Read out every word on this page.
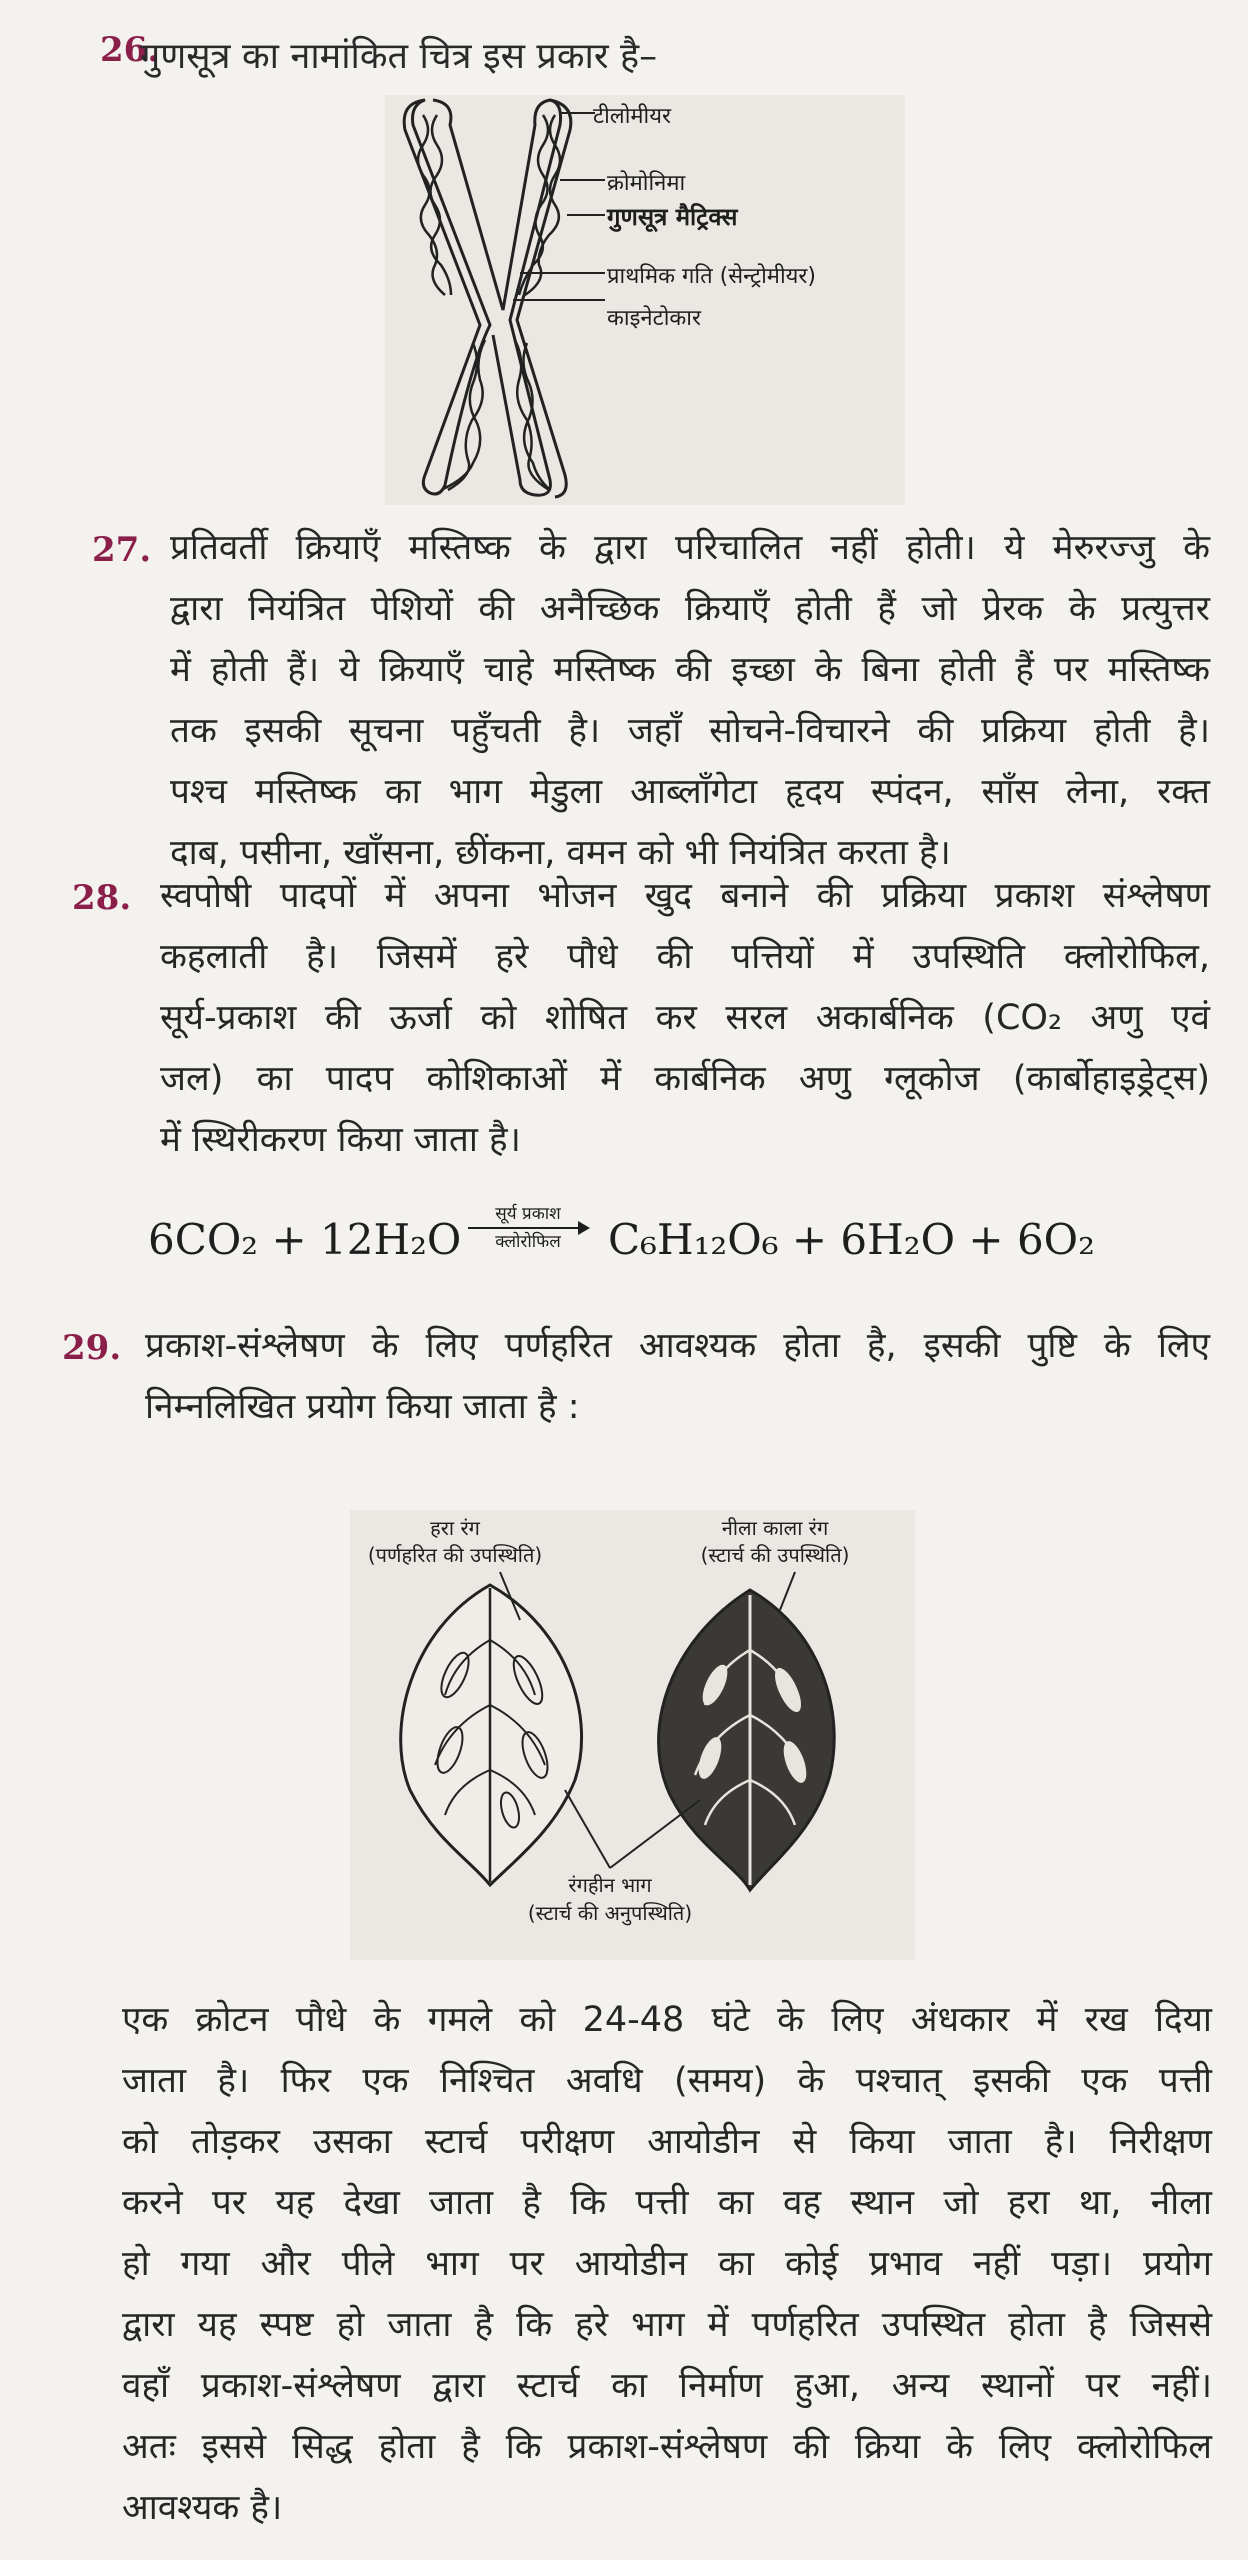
26.
गुणसूत्र का नामांकित चित्र इस प्रकार है–
टीलोमीयर
क्रोमोनिमा
गुणसूत्र मैट्रिक्स
प्राथमिक गति (सेन्ट्रोमीयर)
काइनेटोकार
27. प्रतिवर्ती क्रियाएँ मस्तिष्क के द्वारा परिचालित नहीं होती। ये मेरुरज्जु के
द्वारा नियंत्रित पेशियों की अनैच्छिक क्रियाएँ होती हैं जो प्रेरक के प्रत्युत्तर
में होती हैं। ये क्रियाएँ चाहे मस्तिष्क की इच्छा के बिना होती हैं पर मस्तिष्क
तक इसकी सूचना पहुँचती है। जहाँ सोचने-विचारने की प्रक्रिया होती है।
पश्च मस्तिष्क का भाग मेडुला आब्लाँगेटा हृदय स्पंदन, साँस लेना, रक्त
दाब, पसीना, खाँसना, छींकना, वमन को भी नियंत्रित करता है।
28. स्वपोषी पादपों में अपना भोजन खुद बनाने की प्रक्रिया प्रकाश संश्लेषण
कहलाती है। जिसमें हरे पौधे की पत्तियों में उपस्थिति क्लोरोफिल,
सूर्य-प्रकाश की ऊर्जा को शोषित कर सरल अकार्बनिक (CO₂ अणु एवं
जल) का पादप कोशिकाओं में कार्बनिक अणु ग्लूकोज (कार्बोहाइड्रेट्स)
में स्थिरीकरण किया जाता है।
6CO₂ + 12H₂O
सूर्य प्रकाश
क्लोरोफिल	C₆H₁₂O₆ + 6H₂O + 6O₂
29. प्रकाश-संश्लेषण के लिए पर्णहरित आवश्यक होता है, इसकी पुष्टि के लिए
निम्नलिखित प्रयोग किया जाता है :
हरा रंग
(पर्णहरित की उपस्थिति)
नीला काला रंग
(स्टार्च की उपस्थिति)
रंगहीन भाग
(स्टार्च की अनुपस्थिति)
एक क्रोटन पौधे के गमले को 24-48 घंटे के लिए अंधकार में रख दिया
जाता है। फिर एक निश्चित अवधि (समय) के पश्चात् इसकी एक पत्ती
को तोड़कर उसका स्टार्च परीक्षण आयोडीन से किया जाता है। निरीक्षण
करने पर यह देखा जाता है कि पत्ती का वह स्थान जो हरा था, नीला
हो गया और पीले भाग पर आयोडीन का कोई प्रभाव नहीं पड़ा। प्रयोग
द्वारा यह स्पष्ट हो जाता है कि हरे भाग में पर्णहरित उपस्थित होता है जिससे
वहाँ प्रकाश-संश्लेषण द्वारा स्टार्च का निर्माण हुआ, अन्य स्थानों पर नहीं।
अतः इससे सिद्ध होता है कि प्रकाश-संश्लेषण की क्रिया के लिए क्लोरोफिल
आवश्यक है।
